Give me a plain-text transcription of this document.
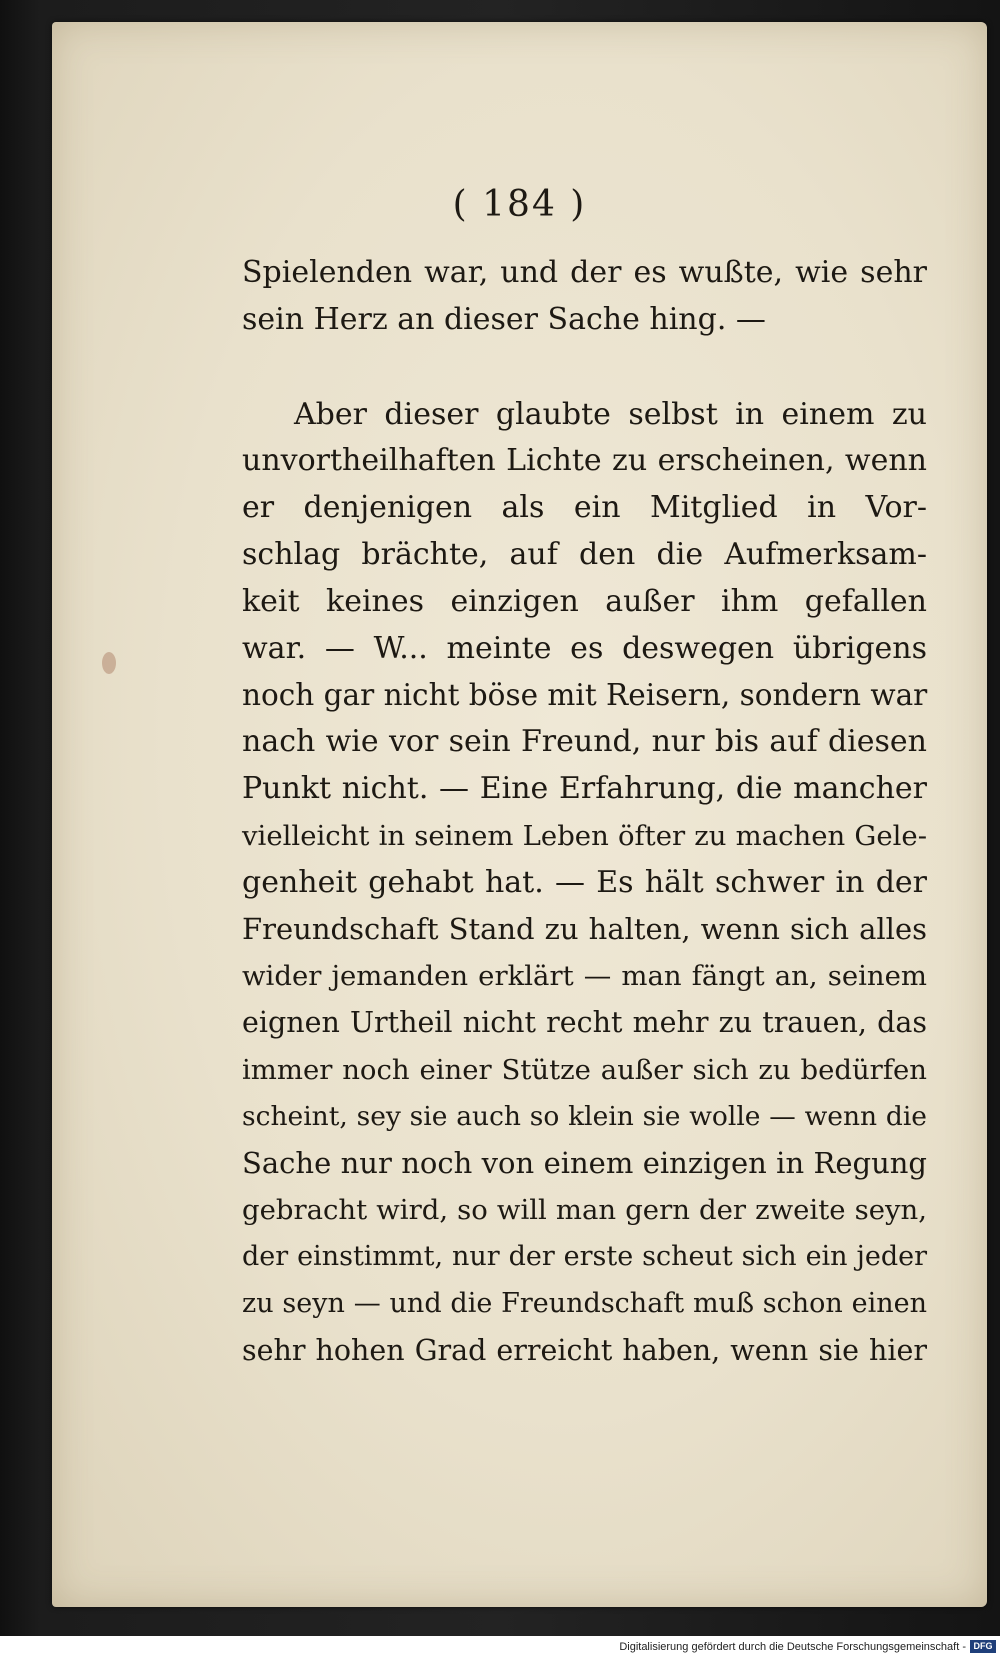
( 184 )
Spielenden war, und der es wußte, wie sehr
sein Herz an dieser Sache hing. —
Aber dieser glaubte selbst in einem zu
unvortheilhaften Lichte zu erscheinen, wenn
er denjenigen als ein Mitglied in Vor-
schlag brächte, auf den die Aufmerksam-
keit keines einzigen außer ihm gefallen
war. — W... meinte es deswegen übrigens
noch gar nicht böse mit Reisern, sondern war
nach wie vor sein Freund, nur bis auf diesen
Punkt nicht. — Eine Erfahrung, die mancher
vielleicht in seinem Leben öfter zu machen Gele-
genheit gehabt hat. — Es hält schwer in der
Freundschaft Stand zu halten, wenn sich alles
wider jemanden erklärt — man fängt an, seinem
eignen Urtheil nicht recht mehr zu trauen, das
immer noch einer Stütze außer sich zu bedürfen
scheint, sey sie auch so klein sie wolle — wenn die
Sache nur noch von einem einzigen in Regung
gebracht wird, so will man gern der zweite seyn,
der einstimmt, nur der erste scheut sich ein jeder
zu seyn — und die Freundschaft muß schon einen
sehr hohen Grad erreicht haben, wenn sie hier
Digitalisierung gefördert durch die Deutsche Forschungsgemeinschaft - DFG
